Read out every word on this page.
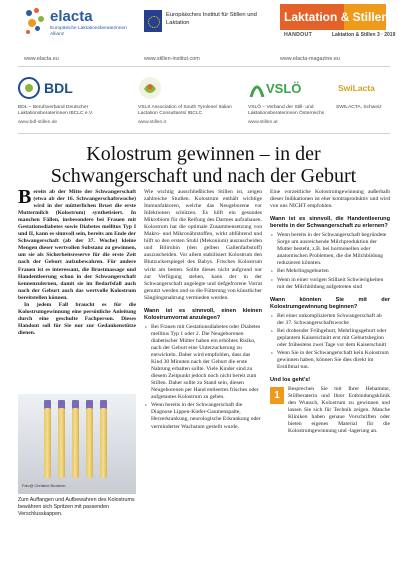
elacta
Europäische Laktationsberaterinnen Allianz
www.elacta.eu
Europäisches Institut für Stillen und Laktation
www.stillen-institut.com
Laktation & Stillen
HANDOUT	Laktation & Stillen 3 · 2019
www.elacta-magazine.eu
BDL
BDL – Berufsverband Deutscher Laktationsberaterinnen IBCLC e.V.
www.bdl-stillen.de
VSLS Association of South Tyrolese/ Italian Lactation Consultants/ IBCLC
www.stillen.it
VSLÖ
VSLÖ – Verband der Still- und Laktationsberaterinnen Österreichs
www.stillen.at
SwiLacta
SWILACTA, Schweiz
Kolostrum gewinnen – in der
Schwangerschaft und nach der Geburt

Bereits ab der Mitte der Schwangerschaft (etwa ab der 16. Schwangerschaftswoche) wird in der mütterlichen Brust die erste Muttermilch (Kolostrum) synthetisiert. In manchen Fällen, insbesondere bei Frauen mit Gestationsdiabetes sowie Diabetes mellitus Typ I und II, kann es sinnvoll sein, bereits am Ende der Schwangerschaft (ab der 37. Woche) kleine Mengen dieser wertvollen Substanz zu gewinnen, um sie als Sicherheitsreserve für die erste Zeit nach der Geburt aufzubewahren. Für andere Frauen ist es interessant, die Brustmassage und Handentleerung schon in der Schwangerschaft kennenzulernen, damit sie im Bedarfsfall auch nach der Geburt auch das wertvolle Kolostrum bereitstellen können.

In jedem Fall braucht es für die Kolostrumgewinnung eine persönliche Anleitung durch eine geschulte Fachperson. Dieses Handout soll für Sie nur zur Gedankenstütze dienen.

Foto@ Christine Bruckner
Zum Auffangen und Aufbewahren des Kolostrums bewähren sich Spritzen mit passenden Verschlusskappen.

Wie wichtig ausschließliches Stillen ist, zeigen zahlreiche Studien. Kolostrum enthält wichtige Immunfaktoren, welche das Neugeborene vor Infektionen schützen. Es hilft ein gesundes Mikrobiom für die Reifung des Darmes aufzubauen. Kolostrum hat die optimale Zusammensetzung von Makro- und Mikronährstoffen, wirkt abführend und hilft so den ersten Stuhl (Mekonium) auszuscheiden und Bilirubin (den gelben Gallenfarbstoff) auszuscheiden. Vor allem stabilisiert Kolostrum den Blutzuckerspiegel des Babys. Frisches Kolostrum wirkt am besten. Sollte dieses nicht aufgrund nur zur Verfügung stehen, kann der in der Schwangerschaft angelegte und tiefgefrorene Vorrat genutzt werden und so die Fütterung von künstlicher Säuglingsnahrung vermieden werden.

Wann ist es sinnvoll, einen kleinen Kolostrumvorrat anzulegen?
› Bei Frauen mit Gestationsdiabetes oder Diabetes mellitus Typ 1 oder 2. Die Neugeborenen diabetischer Mütter haben ein erhöhtes Risiko, nach der Geburt eine Unterzuckerung zu entwickeln. Daher wird empfohlen, dass das Kind 30 Minuten nach der Geburt die erste Nahrung erhalten sollte. Viele Kinder sind zu diesem Zeitpunkt jedoch noch nicht bereit zum Stillen. Daher sollte zu Stand sein, diesen Neugeborenen per Hand entleertes frisches oder aufgetautes Kolostrum zu geben.
› Wenn bereits in der Schwangerschaft die Diagnose Lippen-Kiefer-Gaumenspalte, Herzerkrankung, neurologische Erkrankung oder verminderter Wachstum gestellt wurde.

Eine vorzeitliche Kolostrumgewinnung außerhalb dieser Indikationen ist eher kontraproduktiv und wird von uns NICHT empfohlen.

Wann ist es sinnvoll, die Handentleerung bereits in der Schwangerschaft zu erlernen?
› Wenn bereits in der Schwangerschaft begründete Sorge um ausreichende Milchproduktion der Mutter besteht, z.B. bei hormonellen oder anatomischen Problemen, die die Milchbildung reduzieren könnten.
› Bei Mehrlingsgeburten
› Wenn in einer vorigen Stillzeit Schwierigkeiten mit der Milchbildung aufgetreten sind
Wann könnten Sie mit der Kolostrumgewinnung beginnen?
› Bei einer unkomplizierten Schwangerschaft ab der 37. Schwangerschaftswoche
› Bei drohender Frühgeburt, Mehrlingsgeburt oder geplantem Kaiserschnitt erst mit Geburtsbeginn oder frühestens zwei Tage vor dem Kaiserschnitt
› Wenn Sie in der Schwangerschaft kein Kolostrum gewinnen haben, können Sie dies direkt im Erstillmal tun.
Und los geht's!

Besprechen Sie mit Ihrer Hebamme, Stillberaterin und Ihrer Entbindungsklinik den Wunsch, Kolostrum zu gewinnen und lassen Sie sich für Technik zeigen. Manche Kliniken haben genaue Vorschriften oder bieten eigenes Material für die Kolostrumgewinnung und -lagerung an.

1
